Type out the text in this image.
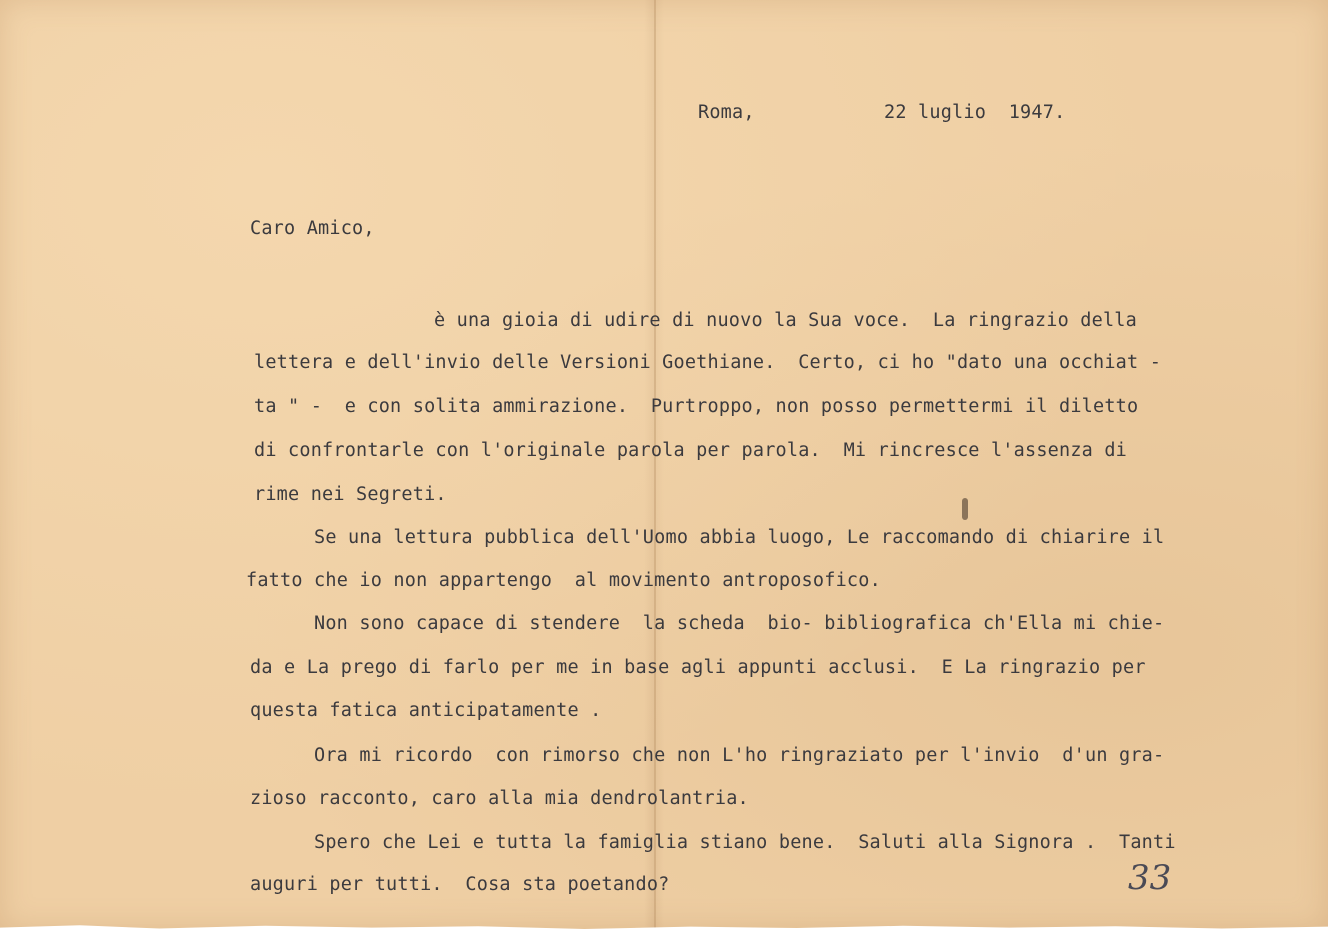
Roma,	22 luglio  1947.
Caro Amico,
è una gioia di udire di nuovo la Sua voce.  La ringrazio della
lettera e dell'invio delle Versioni Goethiane.  Certo, ci ho "dato una occhiat -
ta " -  e con solita ammirazione.  Purtroppo, non posso permettermi il diletto
di confrontarle con l'originale parola per parola.  Mi rincresce l'assenza di
rime nei Segreti.
Se una lettura pubblica dell'Uomo abbia luogo, Le raccomando di chiarire il
fatto che io non appartengo  al movimento antroposofico.
Non sono capace di stendere  la scheda  bio- bibliografica ch'Ella mi chie-
da e La prego di farlo per me in base agli appunti acclusi.  E La ringrazio per
questa fatica anticipatamente .
Ora mi ricordo  con rimorso che non L'ho ringraziato per l'invio  d'un gra-
zioso racconto, caro alla mia dendrolantria.
Spero che Lei e tutta la famiglia stiano bene.  Saluti alla Signora .  Tanti
auguri per tutti.  Cosa sta poetando?	33
